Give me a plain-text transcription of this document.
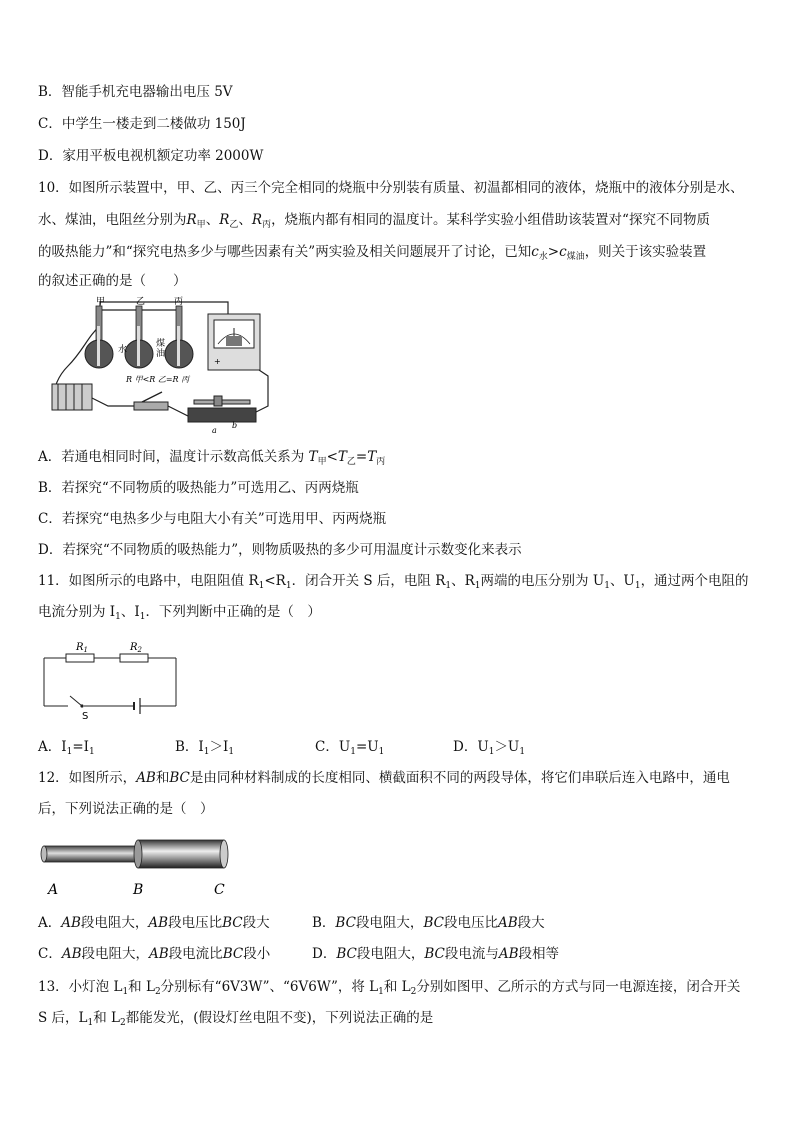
B．智能手机充电器输出电压 5V
C．中学生一楼走到二楼做功 150J
D．家用平板电视机额定功率 2000W
10．如图所示装置中，甲、乙、丙三个完全相同的烧瓶中分别装有质量、初温都相同的液体，烧瓶中的液体分别是水、
水、煤油，电阻丝分别为$R_甲$、$R_乙$、$R_丙$，烧瓶内都有相同的温度计。某科学实验小组借助该装置对“探究不同物质
的吸热能力”和“探究电热多少与哪些因素有关”两实验及相关问题展开了讨论，已知$c_水>c_{煤油}$，则关于该实验装置
的叙述正确的是（　　）
甲	乙	丙
水
煤
油
R 甲<R 乙=R 丙
+
a
b
A．若通电相同时间，温度计示数高低关系为 $T_甲<T_乙=T_丙$
B．若探究“不同物质的吸热能力”可选用乙、丙两烧瓶
C．若探究“电热多少与电阻大小有关”可选用甲、丙两烧瓶
D．若探究“不同物质的吸热能力”，则物质吸热的多少可用温度计示数变化来表示
11．如图所示的电路中，电阻阻值 $R_1<R_1$．闭合开关 S 后，电阻 $R_1$、$R_1$两端的电压分别为 $U_1$、$U_1$，通过两个电阻的
电流分别为 $I_1$、$I_1$．下列判断中正确的是（　）
$R_1$	$R_2$
S
A．$I_1=I_1$	B．$I_1>I_1$	C．$U_1=U_1$	D．$U_1>U_1$
12．如图所示，AB和BC是由同种材料制成的长度相同、横截面积不同的两段导体，将它们串联后连入电路中，通电
后，下列说法正确的是（　）
A	B	C
A．AB段电阻大，AB段电压比BC段大	B．BC段电阻大，BC段电压比AB段大
C．AB段电阻大，AB段电流比BC段小	D．BC段电阻大，BC段电流与AB段相等
13．小灯泡 $L_1$和 $L_2$分别标有“6V3W”、“6V6W”，将 $L_1$和 $L_2$分别如图甲、乙所示的方式与同一电源连接，闭合开关
S 后，$L_1$和 $L_2$都能发光，(假设灯丝电阻不变)，下列说法正确的是
